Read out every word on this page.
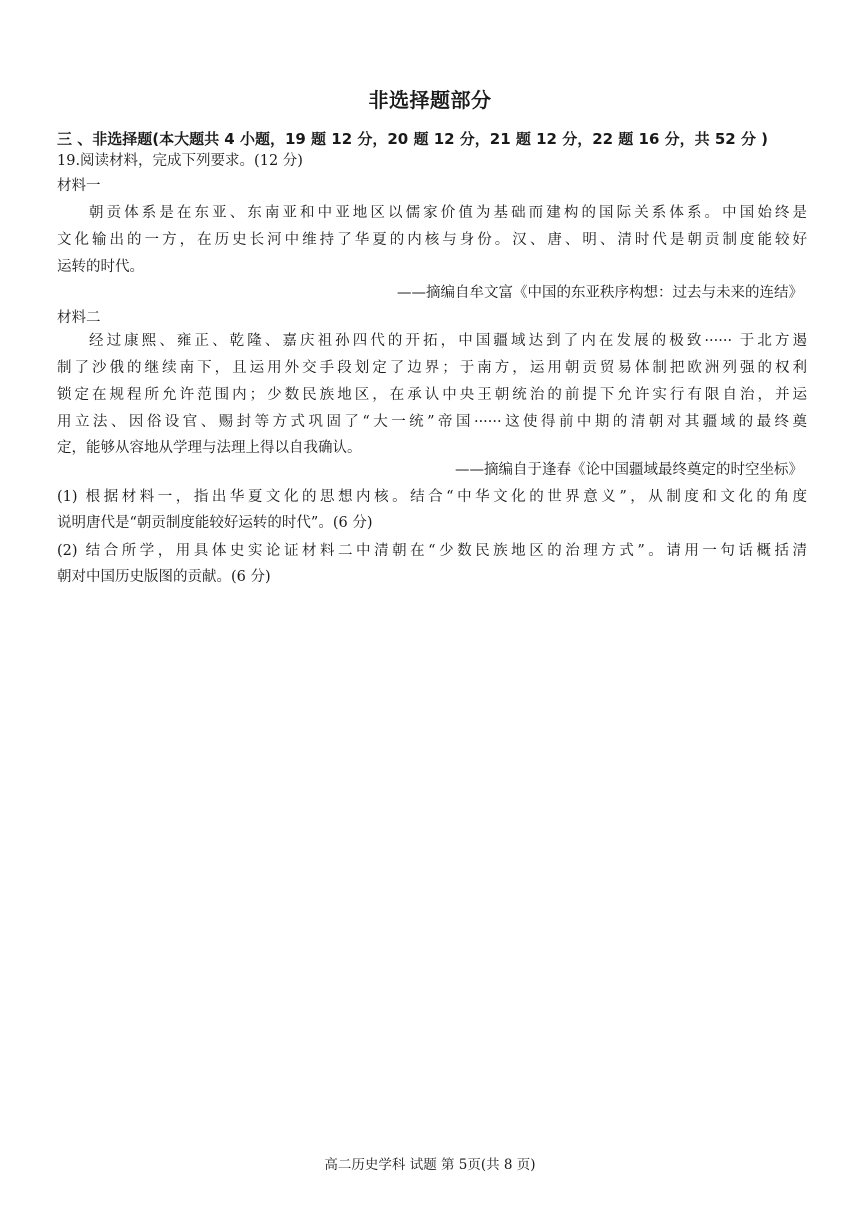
非选择题部分
三 、非选择题(本大题共 4 小题，19 题 12 分，20 题 12 分，21 题 12 分，22 题 16 分，共 52 分 )
19.阅读材料，完成下列要求。(12 分)
材料一
朝贡体系是在东亚、东南亚和中亚地区以儒家价值为基础而建构的国际关系体系。中国始终是
文化输出的一方，在历史长河中维持了华夏的内核与身份。汉、唐、明、清时代是朝贡制度能较好
运转的时代。
——摘编自牟文富《中国的东亚秩序构想：过去与未来的连结》
材料二
经过康熙、雍正、乾隆、嘉庆祖孙四代的开拓，中国疆域达到了内在发展的极致······ 于北方遏
制了沙俄的继续南下，且运用外交手段划定了边界；于南方，运用朝贡贸易体制把欧洲列强的权利
锁定在规程所允许范围内；少数民族地区，在承认中央王朝统治的前提下允许实行有限自治，并运
用立法、因俗设官、赐封等方式巩固了“大一统”帝国······这使得前中期的清朝对其疆域的最终奠
定，能够从容地从学理与法理上得以自我确认。
——摘编自于逢春《论中国疆域最终奠定的时空坐标》
(1) 根据材料一，指出华夏文化的思想内核。结合“中华文化的世界意义”，从制度和文化的角度
说明唐代是“朝贡制度能较好运转的时代”。(6 分)
(2) 结合所学，用具体史实论证材料二中清朝在“少数民族地区的治理方式”。请用一句话概括清
朝对中国历史版图的贡献。(6 分)
高二历史学科 试题 第 5页(共 8 页)
